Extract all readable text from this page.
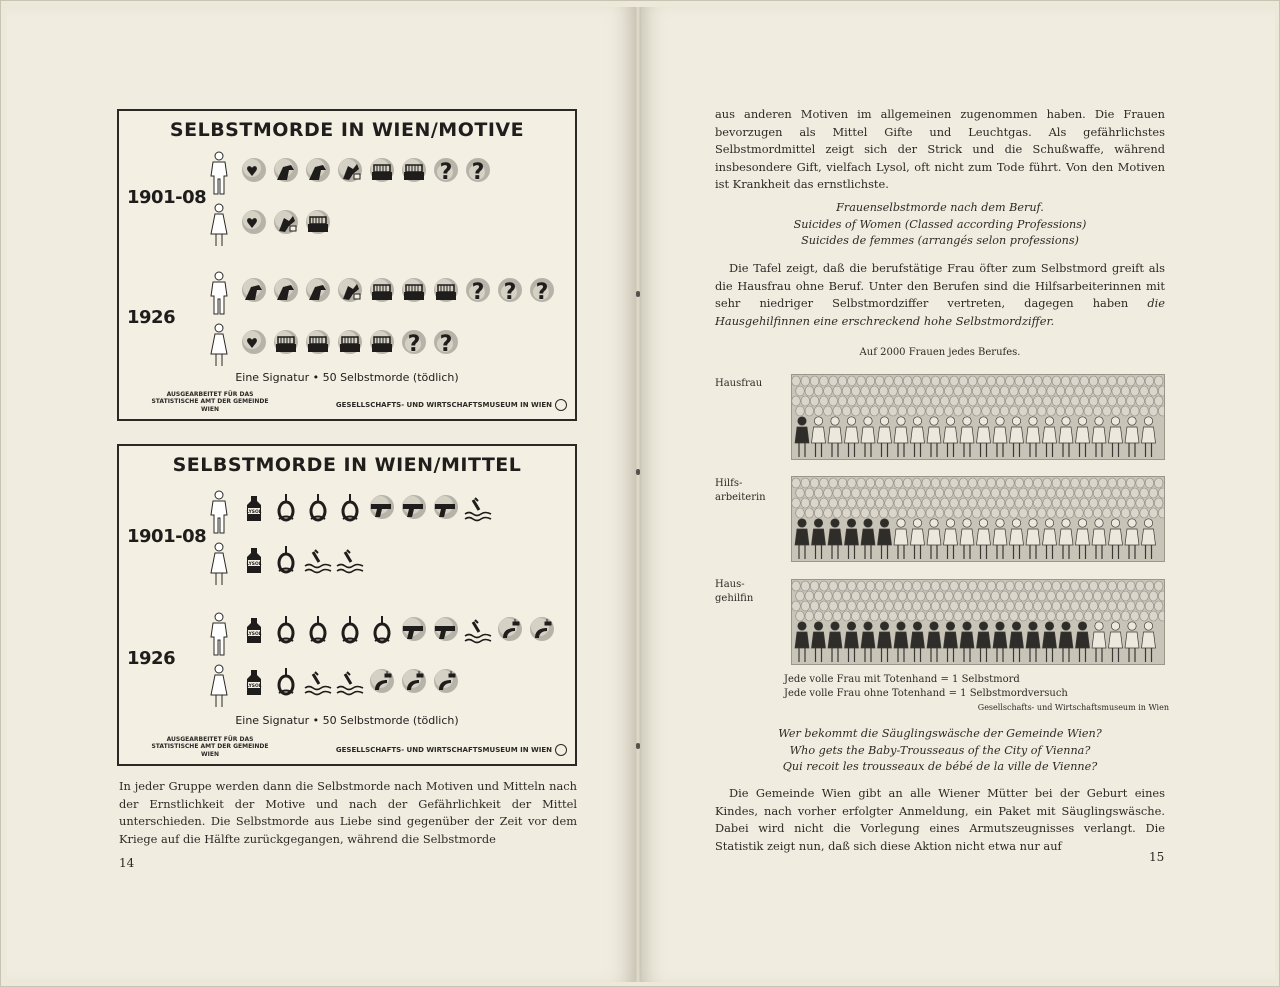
SELBSTMORDE IN WIEN/MOTIVE
1901-08
1926
? ?
? ? ?
? ?
Eine Signatur • 50 Selbstmorde (tödlich)
AUSGEARBEITET FÜR DAS STATISTISCHE AMT DER GEMEINDE WIEN	GESELLSCHAFTS- UND WIRTSCHAFTSMUSEUM IN WIEN
SELBSTMORDE IN WIEN/MITTEL
1901-08
1926
LYSOL
LYSOL
LYSOL
LYSOL
Eine Signatur • 50 Selbstmorde (tödlich)
AUSGEARBEITET FÜR DAS STATISTISCHE AMT DER GEMEINDE WIEN	GESELLSCHAFTS- UND WIRTSCHAFTSMUSEUM IN WIEN
In jeder Gruppe werden dann die Selbstmorde nach Motiven und Mitteln nach der Ernstlichkeit der Motive und nach der Gefährlichkeit der Mittel unterschieden. Die Selbstmorde aus Liebe sind gegenüber der Zeit vor dem Kriege auf die Hälfte zurückgegangen, während die Selbstmorde
14
aus anderen Motiven im allgemeinen zugenommen haben. Die Frauen bevorzugen als Mittel Gifte und Leuchtgas. Als gefährlichstes Selbstmordmittel zeigt sich der Strick und die Schußwaffe, während insbesondere Gift, vielfach Lysol, oft nicht zum Tode führt. Von den Motiven ist Krankheit das ernstlichste.
Frauenselbstmorde nach dem Beruf.
Suicides of Women (Classed according Professions)
Suicides de femmes (arrangés selon professions)
Die Tafel zeigt, daß die berufstätige Frau öfter zum Selbstmord greift als die Hausfrau ohne Beruf. Unter den Berufen sind die Hilfsarbeiterinnen mit sehr niedriger Selbstmordziffer vertreten, dagegen haben die Hausgehilfinnen eine erschreckend hohe Selbstmordziffer.
Auf 2000 Frauen jedes Berufes.
Hausfrau
Hilfs-
arbeiterin
Haus-
gehilfin
Jede volle Frau mit Totenhand = 1 Selbstmord
Jede volle Frau ohne Totenhand = 1 Selbstmordversuch
Gesellschafts- und Wirtschaftsmuseum in Wien
Wer bekommt die Säuglingswäsche der Gemeinde Wien?
Who gets the Baby-Trousseaus of the City of Vienna?
Qui recoit les trousseaux de bébé de la ville de Vienne?
Die Gemeinde Wien gibt an alle Wiener Mütter bei der Geburt eines Kindes, nach vorher erfolgter Anmeldung, ein Paket mit Säuglingswäsche. Dabei wird nicht die Vorlegung eines Armutszeugnisses verlangt. Die Statistik zeigt nun, daß sich diese Aktion nicht etwa nur auf
15
